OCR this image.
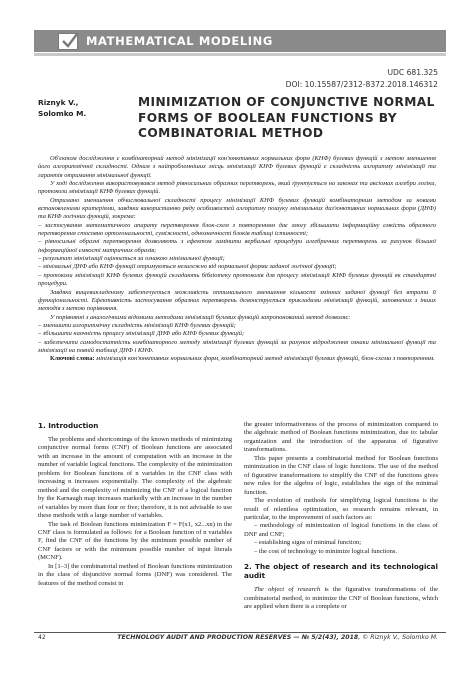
MATHEMATICAL MODELING
UDC 681.325
DOI: 10.15587/2312-8372.2018.146312
Riznyk V.,
Solomko M.
MINIMIZATION OF CONJUNCTIVE NORMAL FORMS OF BOOLEAN FUNCTIONS BY COMBINATORIAL METHOD

Об'єктом дослідження є комбінаторний метод мінімізації кон'юнктивних нормальних форм (КНФ) булевих функцій з метою зменшення його алгоритмічної складності. Одним з найпроблемніших місць мінімізації КНФ булевих функцій є складність алгоритму мінімізації та гарантія отримання мінімальної функції.

У ході дослідження використовувався метод рівносильних образних перетворень, який ґрунтується на законах та аксіомах алгебри логіки, протоколи мінімізації КНФ булевих функцій.

Отримано зменшення обчислювальної складності процесу мінімізації КНФ булевих функцій комбінаторним методом за новими встановленими критеріями, завдяки використанню ряду особливостей алгоритму пошуку мінімальних диз'юнктивних нормальних форм (ДНФ) та КНФ логічних функцій, зокрема:

– застосування математичного апарату перетворення блок-схем з повторенням дає змогу збільшити інформаційну ємкість образного перетворення стосовно ортогональності, суміжності, однозначності блоків таблиці істинності;

– рівносильні образні перетворення дозволяють з ефектом замінити вербальні процедури алгебричних перетворень за рахунок більшої інформаційної ємкості матричних образів;

– результат мінімізації оцінюється за ознакою мінімальної функції;

– мінімальні ДНФ або КНФ функції отримуються незалежно від нормальної форми заданої логічної функції;

– протоколи мінімізації КНФ булевих функцій складають бібліотеку протоколів для процесу мінімізації КНФ булевих функцій як стандартні процедури.

Завдяки вищевикладеному забезпечується можливість оптимального зменшення кількості змінних заданої функції без втрати її функціональності. Ефективність застосування образних перетворень демонструється прикладами мінімізації функцій, заповнених з інших методів з метою порівняння.

У порівнянні з аналогічними відомими методами мінімізації булевих функцій запропонований метод дозволяє:

– зменшити алгоритмічну складність мінімізації КНФ булевих функцій;

– збільшити наочність процесу мінімізації ДНФ або КНФ булевих функцій;

– забезпечити самодостатність комбінаторного методу мінімізації булевих функцій за рахунок відродження ознаки мінімальної функції та мінімізації на повній таблиці ДНФ і КНФ.

Ключові слова: мінімізація кон'юнктивних нормальних форм, комбінаторний метод мінімізації булевих функцій, блок-схема з повторенням.

1. Introduction

The problems and shortcomings of the known methods of minimizing conjunctive normal forms (CNF) of Boolean functions are associated with an increase in the amount of computation with an increase in the number of variable logical functions. The complexity of the minimization problem for Boolean functions of n variables in the CNF class with increasing n increases exponentially. The complexity of the algebraic method and the complexity of minimizing the CNF of a logical function by the Karnaugh map increases markedly with an increase in the number of variables by more than four or five; therefore, it is not advisable to use these methods with a large number of variables.

The task of Boolean functions minimization F = F(x1, x2...xn) in the CNF class is formulated as follows: for a Boolean function of n variables F, find the CNF of the functions by the minimum possible number of CNF factors or with the minimum possible number of input literals (MCNF).

In [1–3] the combinatorial method of Boolean functions minimization in the class of disjunctive normal forms (DNF) was considered. The features of the method consist in

the greater informativeness of the process of minimization compared to the algebraic method of Boolean functions minimization, due to: tabular organization and the introduction of the apparatus of figurative transformations.

This paper presents a combinatorial method for Boolean functions minimization in the CNF class of logic functions. The use of the method of figurative transformations to simplify the CNF of the functions gives new rules for the algebra of logic, establishes the sign of the minimal function.

The evolution of methods for simplifying logical functions is the result of relentless optimization, so research remains relevant, in particular, to the improvement of such factors as:

– methodology of minimization of logical functions in the class of DNF and CNF;

– establishing signs of minimal function;

– the cost of technology to minimize logical functions.

2. The object of research and its technological audit

The object of research is the figurative transformations of the combinatorial method, to minimize the CNF of Boolean functions, which are applied when there is a complete or

42	TECHNOLOGY AUDIT AND PRODUCTION RESERVES — № 5/2(43), 2018, © Riznyk V., Solomko M.
